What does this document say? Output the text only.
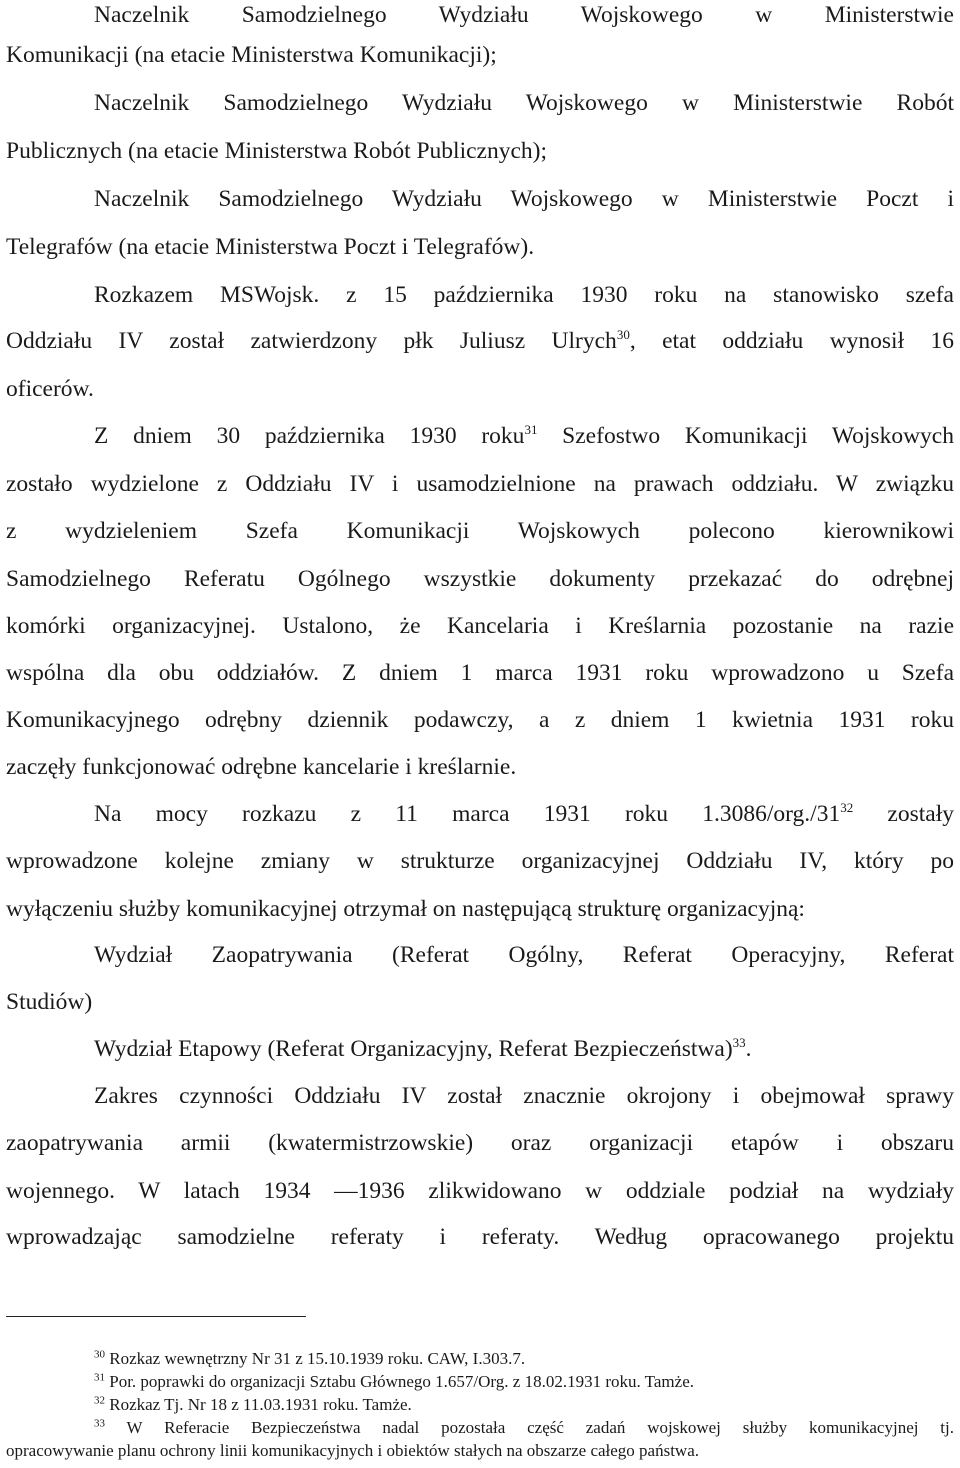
Naczelnik Samodzielnego Wydziału Wojskowego w Ministerstwie
Komunikacji (na etacie Ministerstwa Komunikacji);
Naczelnik Samodzielnego Wydziału Wojskowego w Ministerstwie Robót
Publicznych (na etacie Ministerstwa Robót Publicznych);
Naczelnik Samodzielnego Wydziału Wojskowego w Ministerstwie Poczt i
Telegrafów (na etacie Ministerstwa Poczt i Telegrafów).
Rozkazem MSWojsk. z 15 października 1930 roku na stanowisko szefa
Oddziału IV został zatwierdzony płk Juliusz Ulrych$^{30}$, etat oddziału wynosił 16
oficerów.
Z dniem 30 października 1930 roku$^{31}$ Szefostwo Komunikacji Wojskowych
zostało wydzielone z Oddziału IV i usamodzielnione na prawach oddziału. W związku
z wydzieleniem Szefa Komunikacji Wojskowych polecono kierownikowi
Samodzielnego Referatu Ogólnego wszystkie dokumenty przekazać do odrębnej
komórki organizacyjnej. Ustalono, że Kancelaria i Kreślarnia pozostanie na razie
wspólna dla obu oddziałów. Z dniem 1 marca 1931 roku wprowadzono u Szefa
Komunikacyjnego odrębny dziennik podawczy, a z dniem 1 kwietnia 1931 roku
zaczęły funkcjonować odrębne kancelarie i kreślarnie.
Na mocy rozkazu z 11 marca 1931 roku $1.3086/org./31^{32}$ zostały
wprowadzone kolejne zmiany w strukturze organizacyjnej Oddziału IV, który po
wyłączeniu służby komunikacyjnej otrzymał on następującą strukturę organizacyjną:
Wydział Zaopatrywania (Referat Ogólny, Referat Operacyjny, Referat
Studiów)
Wydział Etapowy (Referat Organizacyjny, Referat Bezpieczeństwa)$^{33}$.
Zakres czynności Oddziału IV został znacznie okrojony i obejmował sprawy
zaopatrywania armii (kwatermistrzowskie) oraz organizacji etapów i obszaru
wojennego. W latach 1934 —1936 zlikwidowano w oddziale podział na wydziały
wprowadzając samodzielne referaty i referaty. Według opracowanego projektu
$^{30}$ Rozkaz wewnętrzny Nr 31 z 15.10.1939 roku. CAW, I.303.7.
$^{31}$ Por. poprawki do organizacji Sztabu Głównego 1.657/Org. z 18.02.1931 roku. Tamże.
$^{32}$ Rozkaz Tj. Nr 18 z 11.03.1931 roku. Tamże.
$^{33}$ W Referacie Bezpieczeństwa nadal pozostała część zadań wojskowej służby komunikacyjnej tj.
opracowywanie planu ochrony linii komunikacyjnych i obiektów stałych na obszarze całego państwa.
